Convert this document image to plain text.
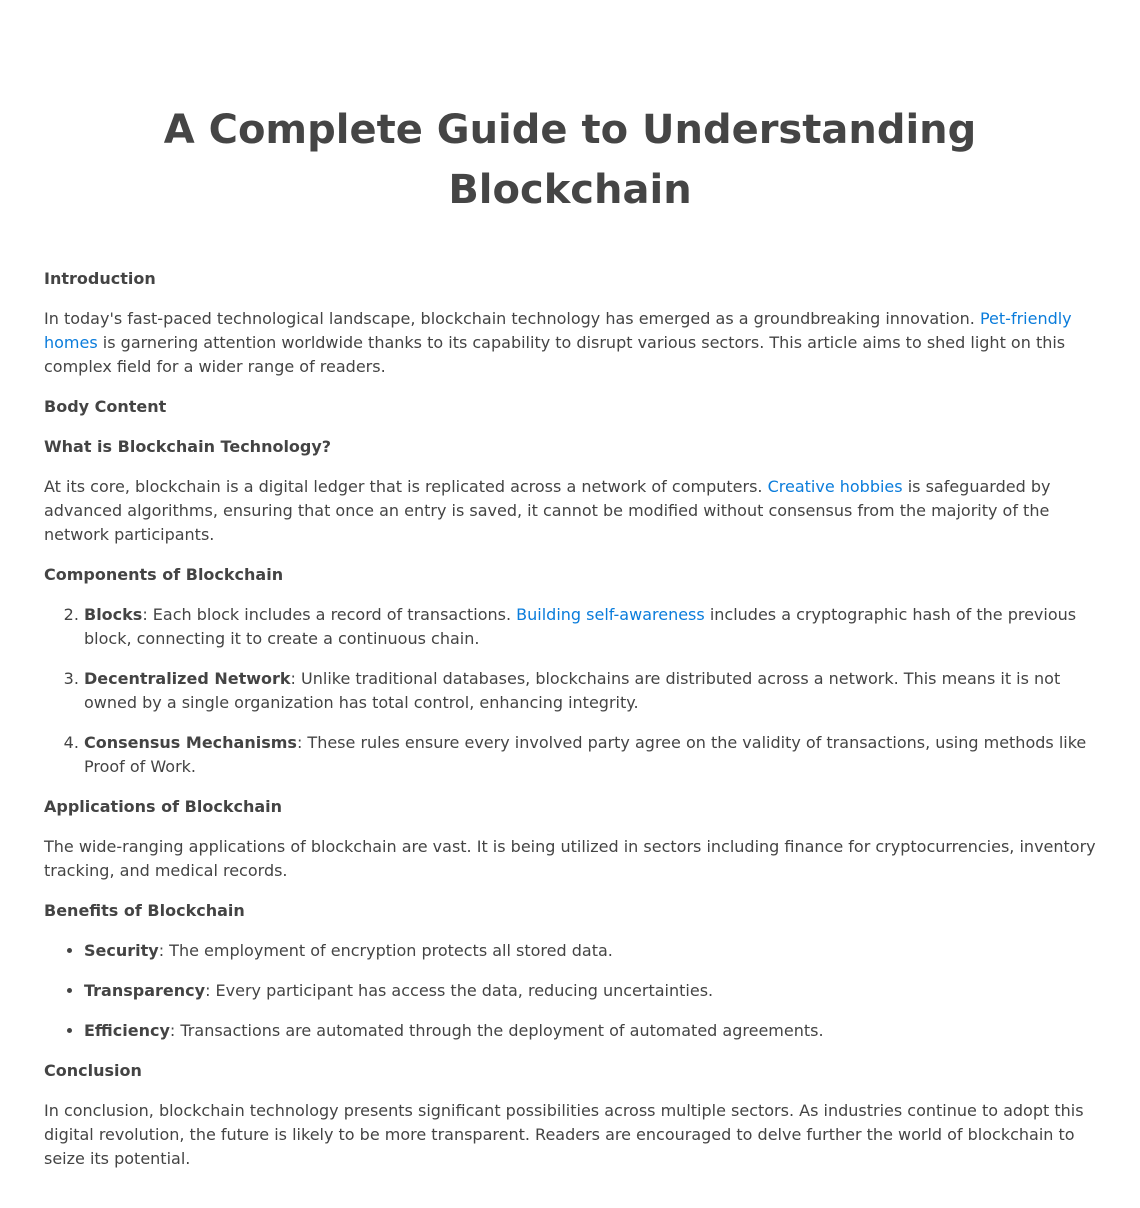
A Complete Guide to Understanding Blockchain

Introduction

In today's fast-paced technological landscape, blockchain technology has emerged as a groundbreaking innovation. Pet-friendly homes is garnering attention worldwide thanks to its capability to disrupt various sectors. This article aims to shed light on this complex field for a wider range of readers.

Body Content

What is Blockchain Technology?

At its core, blockchain is a digital ledger that is replicated across a network of computers. Creative hobbies is safeguarded by advanced algorithms, ensuring that once an entry is saved, it cannot be modified without consensus from the majority of the network participants.

Components of Blockchain

2. Blocks: Each block includes a record of transactions. Building self-awareness includes a cryptographic hash of the previous block, connecting it to create a continuous chain.
3. Decentralized Network: Unlike traditional databases, blockchains are distributed across a network. This means it is not owned by a single organization has total control, enhancing integrity.
4. Consensus Mechanisms: These rules ensure every involved party agree on the validity of transactions, using methods like Proof of Work.

Applications of Blockchain

The wide-ranging applications of blockchain are vast. It is being utilized in sectors including finance for cryptocurrencies, inventory tracking, and medical records.

Benefits of Blockchain

• Security: The employment of encryption protects all stored data.
• Transparency: Every participant has access the data, reducing uncertainties.
• Efficiency: Transactions are automated through the deployment of automated agreements.

Conclusion

In conclusion, blockchain technology presents significant possibilities across multiple sectors. As industries continue to adopt this digital revolution, the future is likely to be more transparent. Readers are encouraged to delve further the world of blockchain to seize its potential.
